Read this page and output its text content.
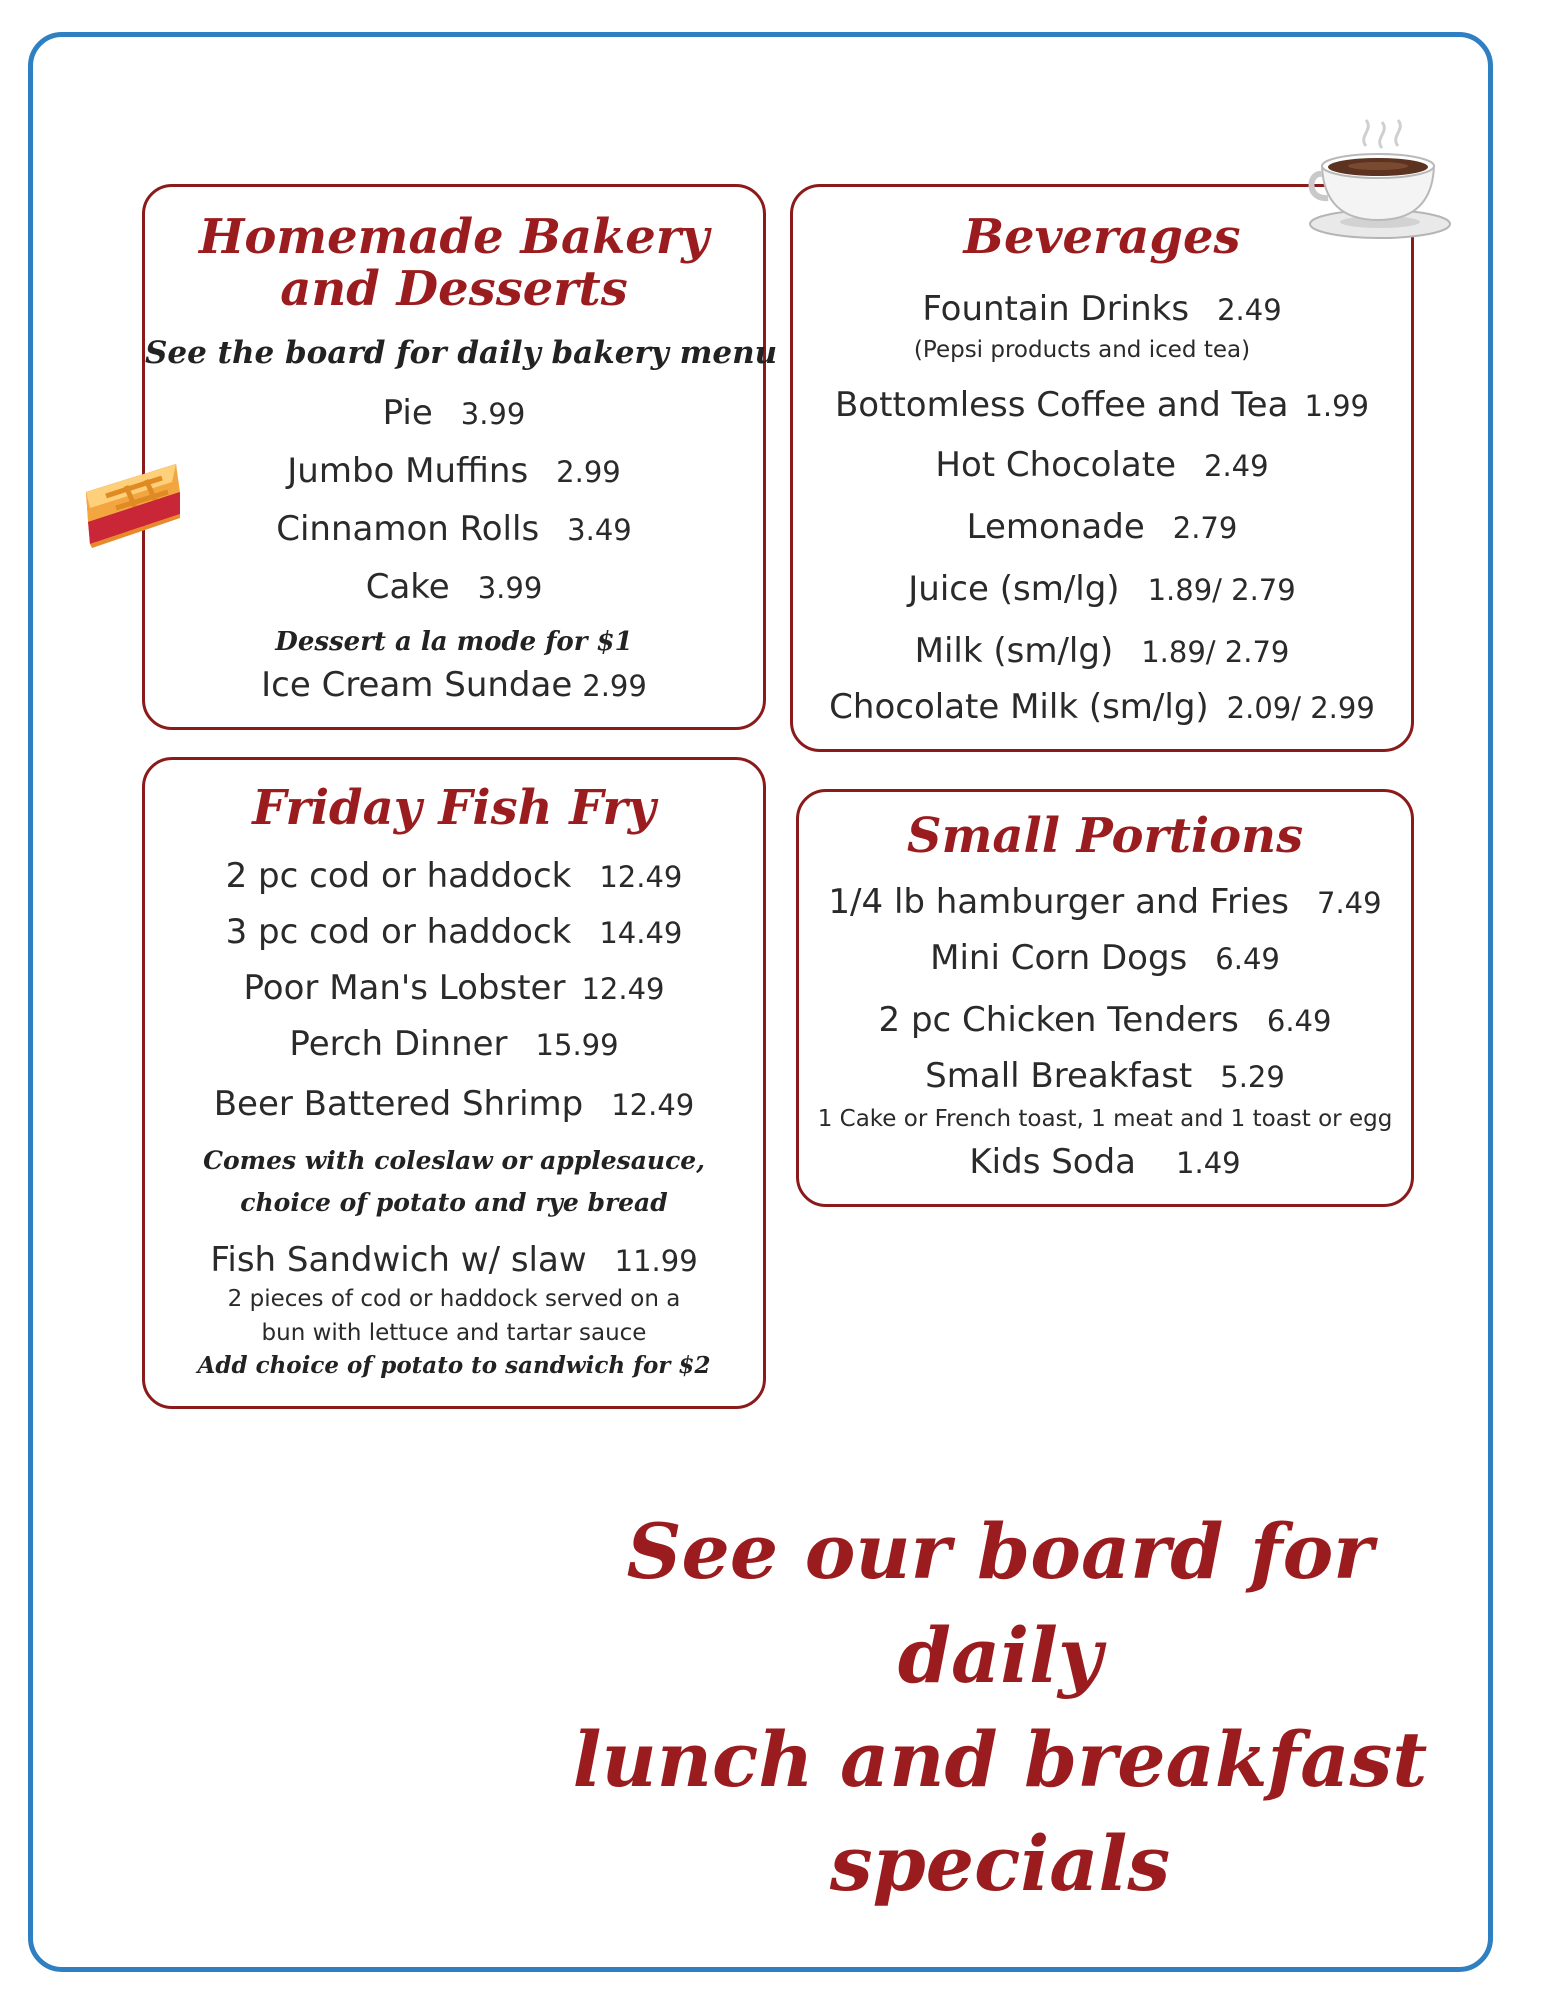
Homemade Bakery
and Desserts
See the board for daily bakery menu
Pie 3.99
Jumbo Muffins 2.99
Cinnamon Rolls 3.49
Cake 3.99
Dessert a la mode for $1
Ice Cream Sundae 2.99
Beverages
Fountain Drinks 2.49
(Pepsi products and iced tea)
Bottomless Coffee and Tea 1.99
Hot Chocolate 2.49
Lemonade 2.79
Juice (sm/lg) 1.89/ 2.79
Milk (sm/lg) 1.89/ 2.79
Chocolate Milk (sm/lg) 2.09/ 2.99
Friday Fish Fry
2 pc cod or haddock 12.49
3 pc cod or haddock 14.49
Poor Man's Lobster 12.49
Perch Dinner 15.99
Beer Battered Shrimp 12.49
Comes with coleslaw or applesauce,
choice of potato and rye bread
Fish Sandwich w/ slaw 11.99
2 pieces of cod or haddock served on a
bun with lettuce and tartar sauce
Add choice of potato to sandwich for $2
Small Portions
1/4 lb hamburger and Fries 7.49
Mini Corn Dogs 6.49
2 pc Chicken Tenders 6.49
Small Breakfast 5.29
1 Cake or French toast, 1 meat and 1 toast or egg
Kids Soda 1.49
See our board for daily
lunch and breakfast
specials
